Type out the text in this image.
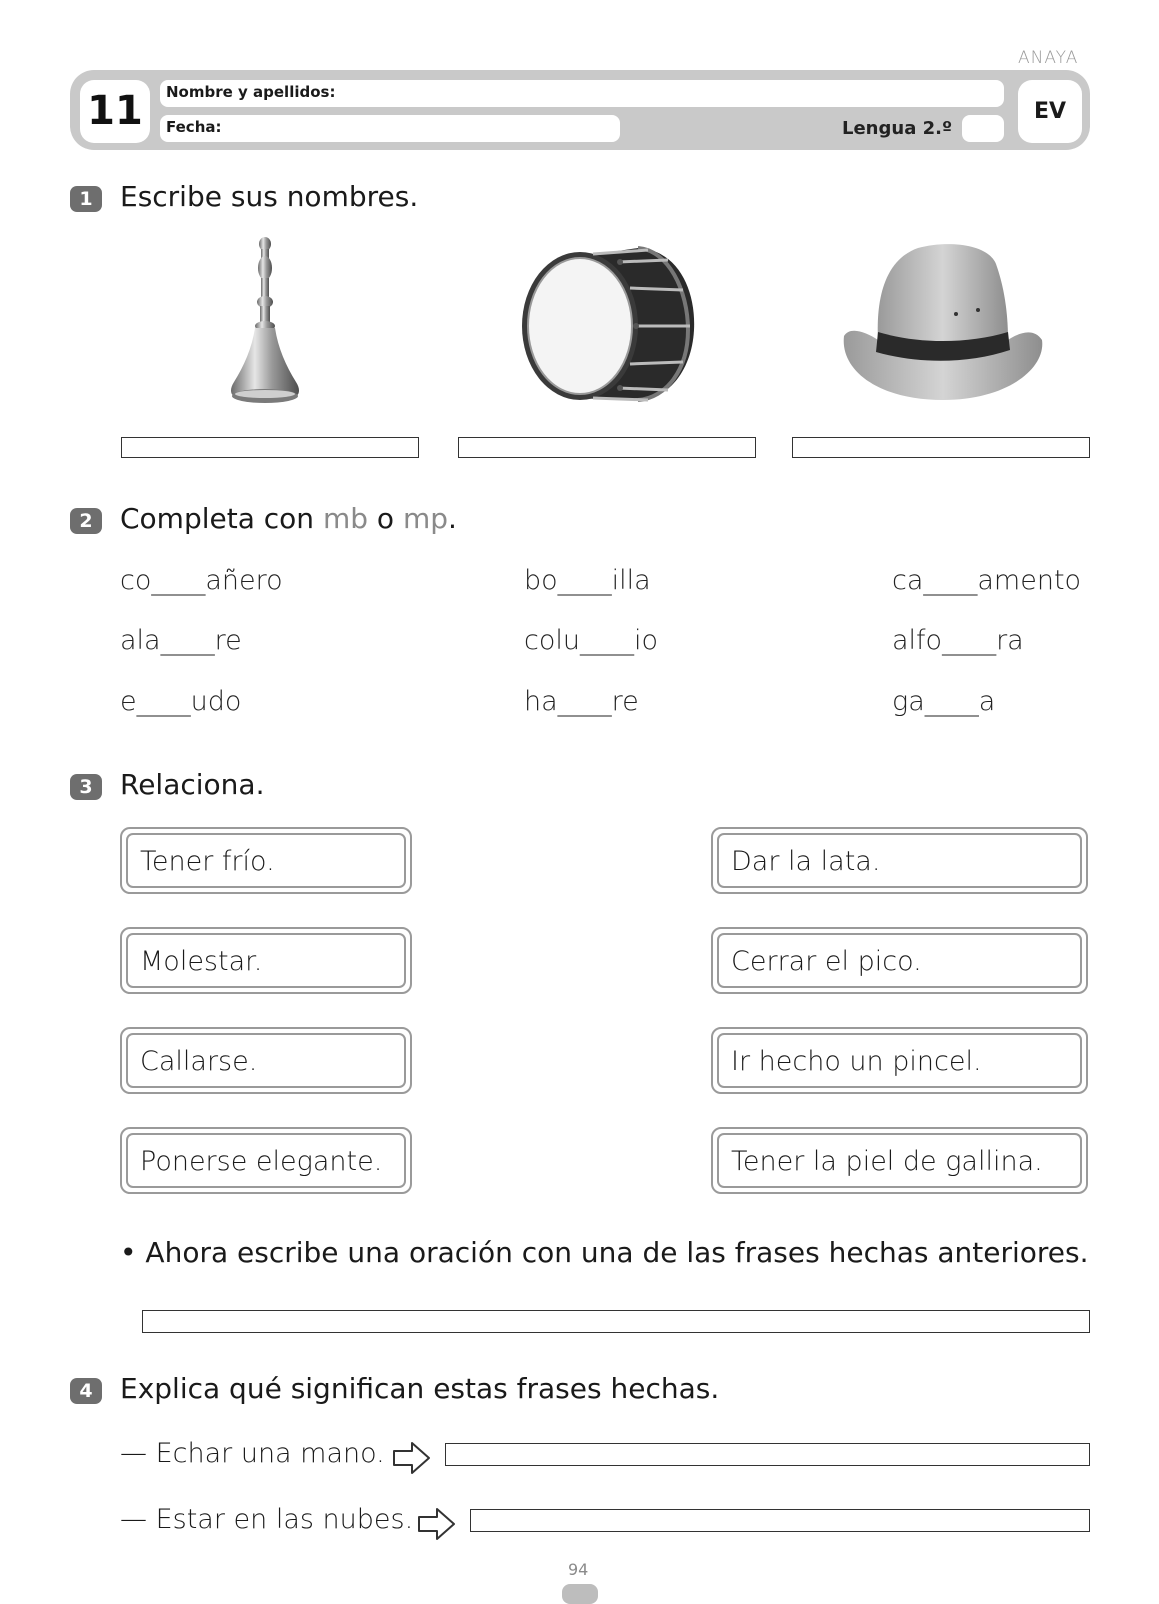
ANAYA
11	Nombre y apellidos:
Fecha:	Lengua 2.º
EV
1 Escribe sus nombres.
2 Completa con mb o mp.
co____añero	bo____illa	ca____amento
ala____re	colu____io	alfo____ra
e____udo	ha____re	ga____a
3 Relaciona.
Tener frío.
Molestar.
Callarse.
Ponerse elegante.
Dar la lata.
Cerrar el pico.
Ir hecho un pincel.
Tener la piel de gallina.
• Ahora escribe una oración con una de las frases hechas anteriores.
4 Explica qué significan estas frases hechas.
— Echar una mano.
— Estar en las nubes.
94
